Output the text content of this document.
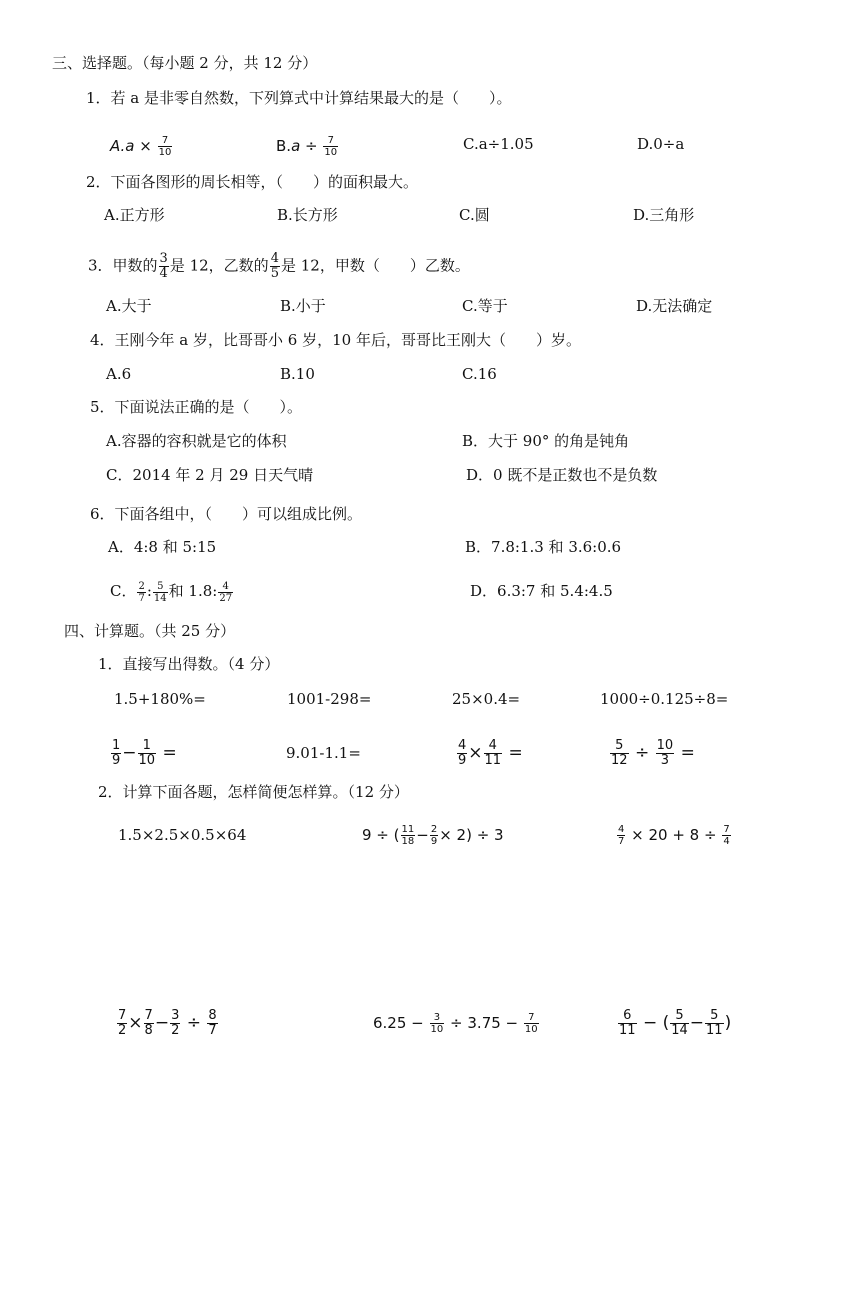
三、选择题。（每小题 2 分，共 12 分）
1．若 a 是非零自然数，下列算式中计算结果最大的是（　　）。
$A.a \times \frac{7}{10}$	$B.a \div \frac{7}{10}$	C.a÷1.05	D.0÷a
2．下面各图形的周长相等，（　　）的面积最大。
A.正方形	B.长方形	C.圆	D.三角形
3．甲数的 $\frac{3}{4}$ 是 12，乙数的 $\frac{4}{5}$ 是 12，甲数（　　）乙数。
A.大于	B.小于	C.等于	D.无法确定
4．王刚今年 a 岁，比哥哥小 6 岁，10 年后，哥哥比王刚大（　　）岁。
A.6	B.10	C.16
5．下面说法正确的是（　　）。
A.容器的容积就是它的体积	B．大于 90° 的角是钝角
C．2014 年 2 月 29 日天气晴	D．0 既不是正数也不是负数
6．下面各组中，（　　）可以组成比例。
A．4:8 和 5:15	B．7.8:1.3 和 3.6:0.6
C． $\frac{2}{7}$ : $\frac{5}{14}$ 和 1.8: $\frac{4}{27}$	D．6.3:7 和 5.4:4.5
四、计算题。（共 25 分）
1．直接写出得数。（4 分）
1.5+180%=	1001-298=	25×0.4=	1000÷0.125÷8=
$\frac{1}{9} - \frac{1}{10}$ =	9.01-1.1=	$\frac{4}{9} \times \frac{4}{11}$ =	$\frac{5}{12} \div \frac{10}{3}$ =
2．计算下面各题，怎样简便怎样算。（12 分）
1.5×2.5×0.5×64	9 ÷ ( $\frac{11}{18} - \frac{2}{9} \times 2) \div 3$	$\frac{4}{7} \times 20 + 8 \div \frac{7}{4}$
$\frac{7}{2} \times \frac{7}{8} - \frac{3}{2} \div \frac{8}{7}$	$6.25 - \frac{3}{10} \div 3.75 - \frac{7}{10}$	$\frac{6}{11}$ − ( $\frac{5}{14} - \frac{5}{11}$ )
